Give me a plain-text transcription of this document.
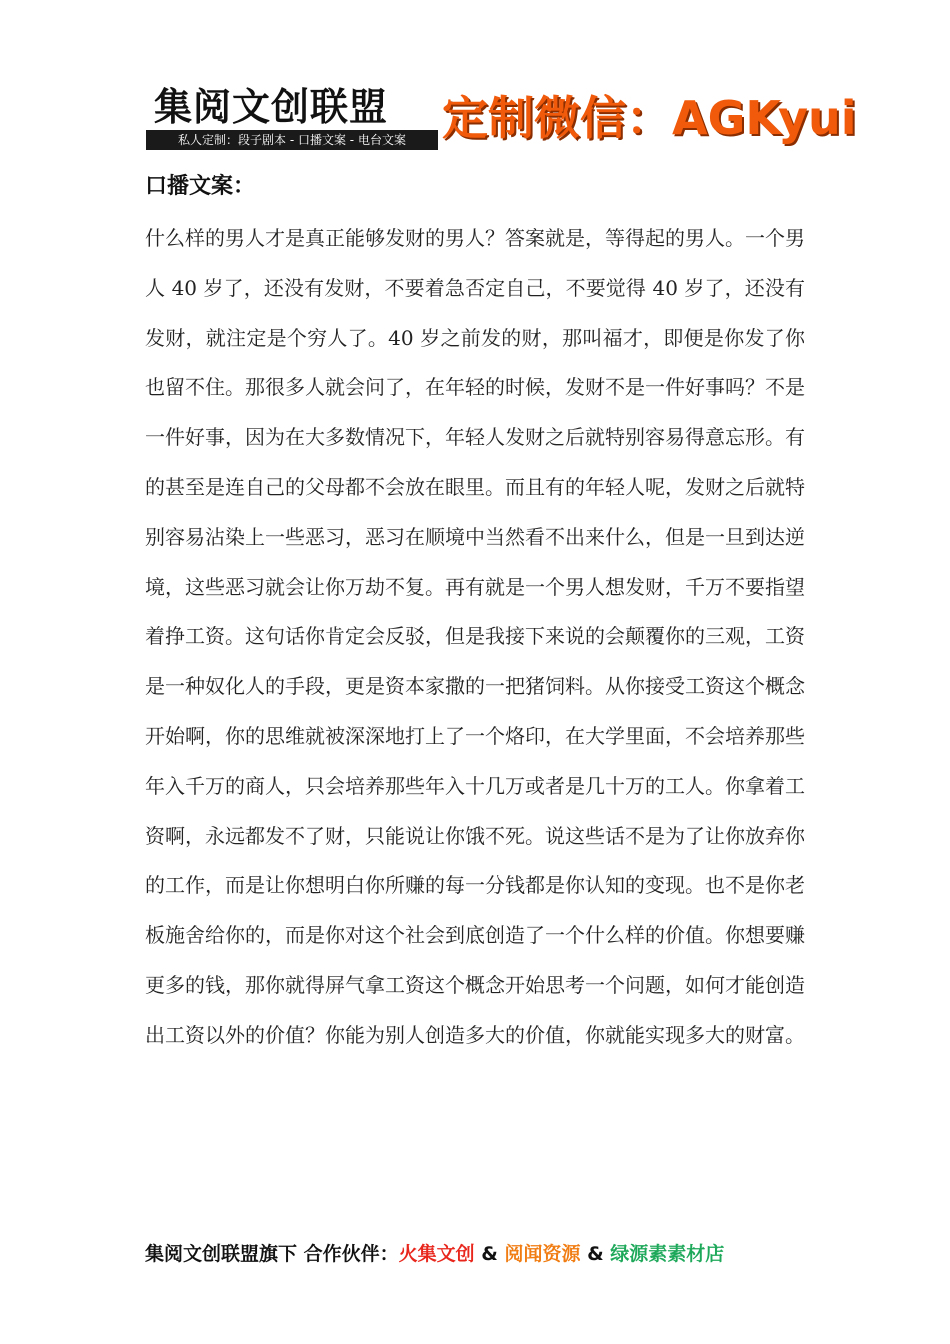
集阅文创联盟
私人定制：段子剧本 - 口播文案 - 电台文案 定制微信：AGKyui
口播文案：

什么样的男人才是真正能够发财的男人？答案就是，等得起的男人。一个男人 40 岁了，还没有发财，不要着急否定自己，不要觉得 40 岁了，还没有发财，就注定是个穷人了。40 岁之前发的财，那叫福才，即便是你发了你也留不住。那很多人就会问了，在年轻的时候，发财不是一件好事吗？不是一件好事，因为在大多数情况下，年轻人发财之后就特别容易得意忘形。有的甚至是连自己的父母都不会放在眼里。而且有的年轻人呢，发财之后就特别容易沾染上一些恶习，恶习在顺境中当然看不出来什么，但是一旦到达逆境，这些恶习就会让你万劫不复。再有就是一个男人想发财，千万不要指望着挣工资。这句话你肯定会反驳，但是我接下来说的会颠覆你的三观，工资是一种奴化人的手段，更是资本家撒的一把猪饲料。从你接受工资这个概念开始啊，你的思维就被深深地打上了一个烙印，在大学里面，不会培养那些年入千万的商人，只会培养那些年入十几万或者是几十万的工人。你拿着工资啊，永远都发不了财，只能说让你饿不死。说这些话不是为了让你放弃你的工作，而是让你想明白你所赚的每一分钱都是你认知的变现。也不是你老板施舍给你的，而是你对这个社会到底创造了一个什么样的价值。你想要赚更多的钱，那你就得屏气拿工资这个概念开始思考一个问题，如何才能创造出工资以外的价值？你能为别人创造多大的价值，你就能实现多大的财富。

集阅文创联盟旗下 合作伙伴：火集文创 & 阅闻资源 & 绿源素素材店
